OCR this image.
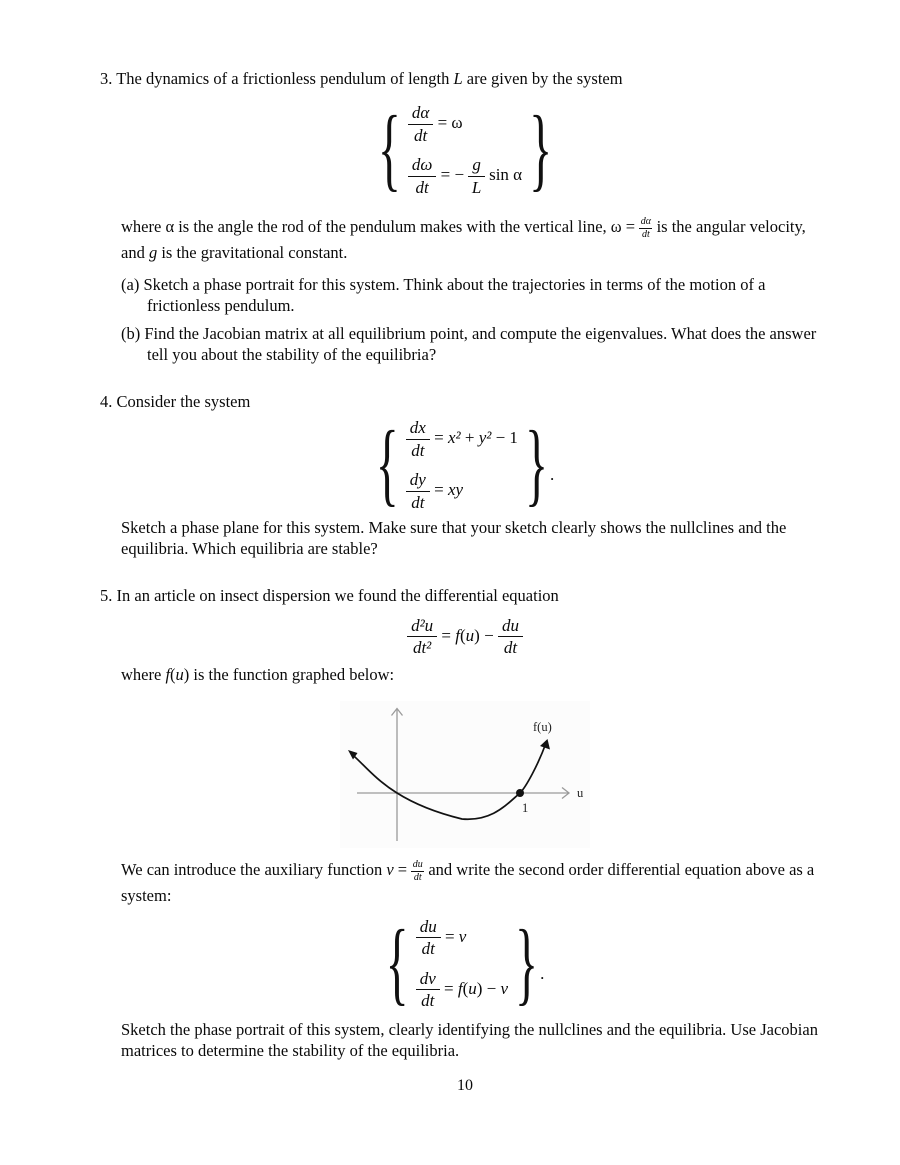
3. The dynamics of a frictionless pendulum of length L are given by the system

{ $\frac{d\alpha}{dt} = \omega$
$\frac{d\omega}{dt}$ = − $\frac{g}{L}$ sin α }

where α is the angle the rod of the pendulum makes with the vertical line, $\omega = \frac{d\alpha}{dt}$ is the angular velocity, and g is the gravitational constant.

(a) Sketch a phase portrait for this system. Think about the trajectories in terms of the motion of a frictionless pendulum.

(b) Find the Jacobian matrix at all equilibrium point, and compute the eigenvalues. What does the answer tell you about the stability of the equilibria?

4. Consider the system

{ $\frac{dx}{dt} = x^2 + y^2 - 1$
$\frac{dy}{dt}$ = xy } .

Sketch a phase plane for this system. Make sure that your sketch clearly shows the nullclines and the equilibria. Which equilibria are stable?

5. In an article on insect dispersion we found the differential equation

$\frac{\text{d²u}}{\text{dt²}} = f(u) - \frac{du}{dt}$

where f(u) is the function graphed below:

f(u)
u
1

We can introduce the auxiliary function $v = \frac{du}{dt}$ and write the second order differential equation above as a system:

{ $\frac{du}{dt} = v$
$\frac{dv}{dt} = f(u) - v$ } .

Sketch the phase portrait of this system, clearly identifying the nullclines and the equilibria. Use Jacobian matrices to determine the stability of the equilibria.

10
